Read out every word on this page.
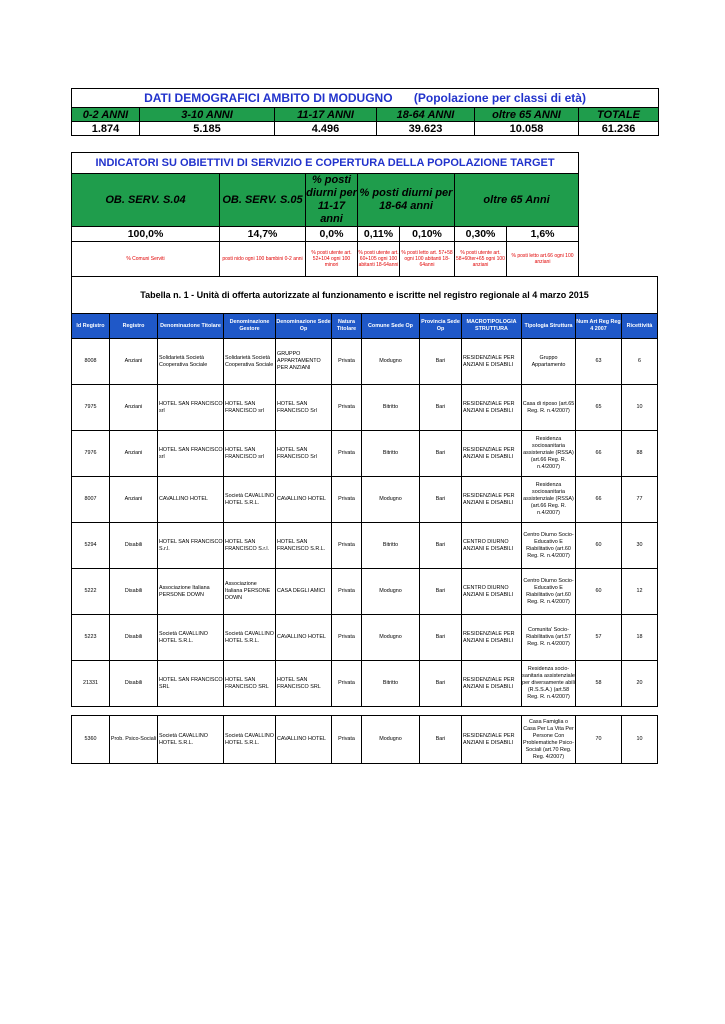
DATI DEMOGRAFICI AMBITO DI MODUGNO (Popolazione per classi di età)					
0-2 ANNI	3-10 ANNI	11-17 ANNI	18-64 ANNI	oltre 65 ANNI	TOTALE
1.874	5.185	4.496	39.623	10.058	61.236
INDICATORI SU OBIETTIVI DI SERVIZIO E COPERTURA DELLA POPOLAZIONE TARGET						
OB. SERV. S.04	OB. SERV. S.05	% posti diurni per 11-17 anni	% posti diurni per 18-64 anni		oltre 65 Anni	
100,0%	14,7%	0,0%	0,11%	0,10%	0,30%	1,6%
% Comuni Serviti	posti nido ogni 100 bambini 0-2 anni	% posti utente art. 52+104 ogni 100 minori	% posti utente art. 60+105 ogni 100 abitanti 18-64anni	% posti letto art. 57+58 ogni 100 abitanti 18-64anni	% posti utente art. 58+60ter+65 ogni 100 anziani	% posti letto art.66 ogni 100 anziani
Tabella n. 1 - Unità di offerta autorizzate al funzionamento e iscritte nel registro regionale al 4 marzo 2015											
Id Registro	Registro	Denominazione Titolare	Denominazione Gestore	Denominazione Sede Op	Natura Titolare	Comune Sede Op	Provincia Sede Op	MACROTIPOLOGIA STRUTTURA	Tipologia Struttura	Num Art Reg Reg 4 2007	Ricettività
8008	Anziani	Solidarietà Società Cooperativa Sociale	Solidarietà Società Cooperativa Sociale	GRUPPO APPARTAMENTO PER ANZIANI	Privata	Modugno	Bari	RESIDENZIALE PER ANZIANI E DISABILI	Gruppo Appartamento	63	6
7975	Anziani	HOTEL SAN FRANCISCO srl	HOTEL SAN FRANCISCO srl	HOTEL SAN FRANCISCO Srl	Privata	Bitritto	Bari	RESIDENZIALE PER ANZIANI E DISABILI	Casa di riposo (art.65 Reg. R. n.4/2007)	65	10
7976	Anziani	HOTEL SAN FRANCISCO srl	HOTEL SAN FRANCISCO srl	HOTEL SAN FRANCISCO Srl	Privata	Bitritto	Bari	RESIDENZIALE PER ANZIANI E DISABILI	Residenza sociosanitaria assistenziale (RSSA) (art.66 Reg. R. n.4/2007)	66	88
8007	Anziani	CAVALLINO HOTEL	Società CAVALLINO HOTEL S.R.L.	CAVALLINO HOTEL	Privata	Modugno	Bari	RESIDENZIALE PER ANZIANI E DISABILI	Residenza sociosanitaria assistenziale (RSSA) (art.66 Reg. R. n.4/2007)	66	77
5294	Disabili	HOTEL SAN FRANCISCO S.r.l.	HOTEL SAN FRANCISCO S.r.l.	HOTEL SAN FRANCISCO S.R.L.	Privata	Bitritto	Bari	CENTRO DIURNO ANZIANI E DISABILI	Centro Diurno Socio-Educativo E Riabilitativo (art.60 Reg. R. n.4/2007)	60	30
5222	Disabili	Associazione Italiana PERSONE DOWN	Associazione Italiana PERSONE DOWN	CASA DEGLI AMICI	Privata	Modugno	Bari	CENTRO DIURNO ANZIANI E DISABILI	Centro Diurno Socio-Educativo E Riabilitativo (art.60 Reg. R. n.4/2007)	60	12
5223	Disabili	Società CAVALLINO HOTEL S.R.L.	Società CAVALLINO HOTEL S.R.L.	CAVALLINO HOTEL	Privata	Modugno	Bari	RESIDENZIALE PER ANZIANI E DISABILI	Comunita' Socio-Riabilitativa (art.57 Reg. R. n.4/2007)	57	18
21331	Disabili	HOTEL SAN FRANCISCO SRL	HOTEL SAN FRANCISCO SRL	HOTEL SAN FRANCISCO SRL	Privata	Bitritto	Bari	RESIDENZIALE PER ANZIANI E DISABILI	Residenza socio-sanitaria assistenziale per diversamente abili (R.S.S.A.) (art.58 Reg. R. n.4/2007)	58	20
5360	Prob. Psico-Sociali	Società CAVALLINO HOTEL S.R.L.	Società CAVALLINO HOTEL S.R.L.	CAVALLINO HOTEL	Privata	Modugno	Bari	RESIDENZIALE PER ANZIANI E DISABILI	Casa Famiglia o Casa Per La Vita Per Persone Con Problematiche Psico-Sociali (art.70 Reg. Reg. 4/2007)	70	10
